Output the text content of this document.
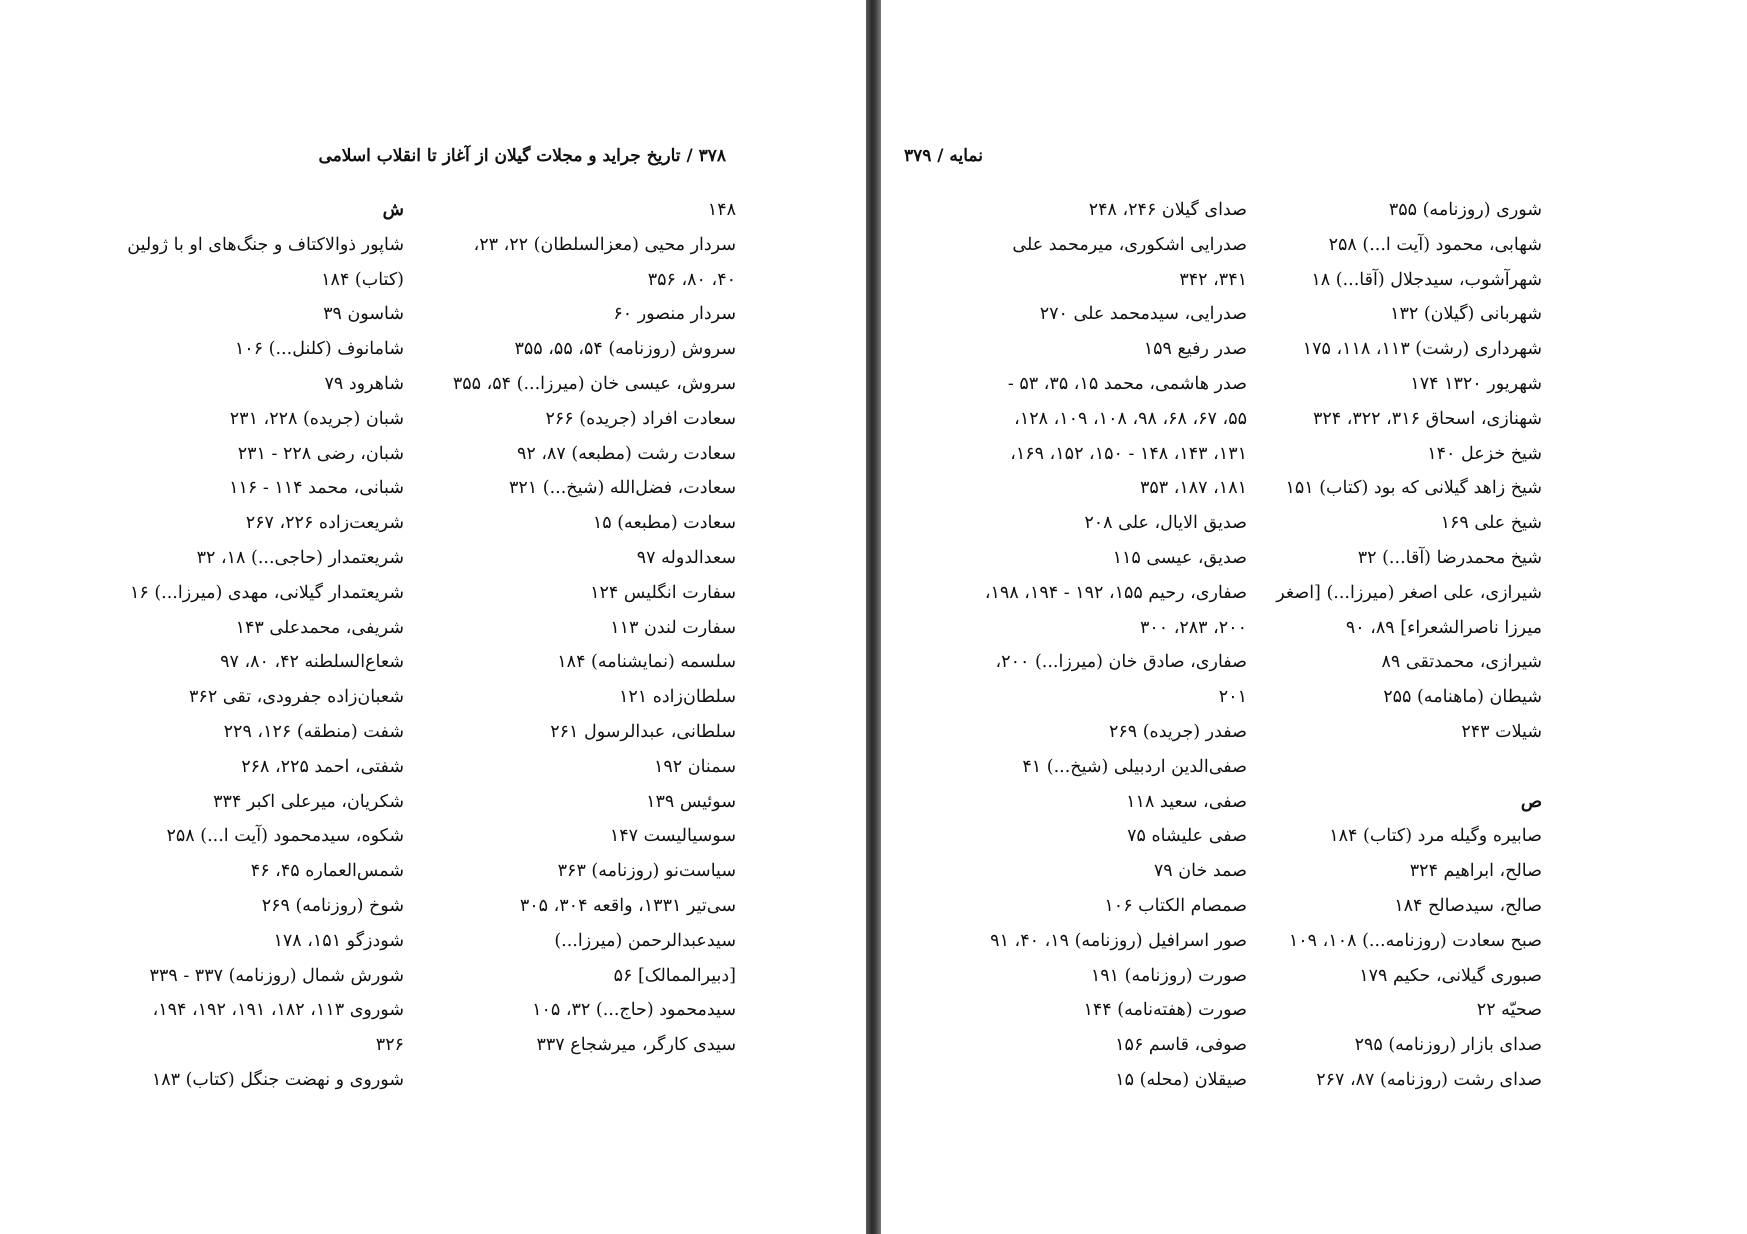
۳۷۸ / تاریخ جراید و مجلات گیلان از آغاز تا انقلاب اسلامی
۱۴۸
سردار محیی (معزالسلطان) ۲۲، ۲۳،
۴۰، ۸۰، ۳۵۶
سردار منصور ۶۰
سروش (روزنامه) ۵۴، ۵۵، ۳۵۵
سروش، عیسی خان (میرزا...) ۵۴، ۳۵۵
سعادت افراد (جریده) ۲۶۶
سعادت رشت (مطبعه) ۸۷، ۹۲
سعادت، فضل‌الله (شیخ...) ۳۲۱
سعادت (مطبعه) ۱۵
سعدالدوله ۹۷
سفارت انگلیس ۱۲۴
سفارت لندن ۱۱۳
سلسمه (نمایشنامه) ۱۸۴
سلطان‌زاده ۱۲۱
سلطانی، عبدالرسول ۲۶۱
سمنان ۱۹۲
سوئیس ۱۳۹
سوسیالیست ۱۴۷
سیاست‌نو (روزنامه) ۳۶۳
سی‌تیر ۱۳۳۱، واقعه ۳۰۴، ۳۰۵
سیدعبدالرحمن (میرزا...)
[دبیرالممالک] ۵۶
سیدمحمود (حاج...) ۳۲، ۱۰۵
سیدی کارگر، میرشجاع ۳۳۷
ش
شاپور ذوالاکتاف و جنگ‌های او با ژولین
(کتاب) ۱۸۴
شاسون ۳۹
شامانوف (کلنل...) ۱۰۶
شاهرود ۷۹
شبان (جریده) ۲۲۸، ۲۳۱
شبان، رضی ۲۲۸ - ۲۳۱
شبانی، محمد ۱۱۴ - ۱۱۶
شریعت‌زاده ۲۲۶، ۲۶۷
شریعتمدار (حاجی...) ۱۸، ۳۲
شریعتمدار گیلانی، مهدی (میرزا...) ۱۶
شریفی، محمدعلی ۱۴۳
شعاع‌السلطنه ۴۲، ۸۰، ۹۷
شعبان‌زاده جفرودی، تقی ۳۶۲
شفت (منطقه) ۱۲۶، ۲۲۹
شفتی، احمد ۲۲۵، ۲۶۸
شکریان، میرعلی اکبر ۳۳۴
شکوه، سیدمحمود (آیت ا...) ۲۵۸
شمس‌العماره ۴۵، ۴۶
شوخ (روزنامه) ۲۶۹
شودزگو ۱۵۱، ۱۷۸
شورش شمال (روزنامه) ۳۳۷ - ۳۳۹
شوروی ۱۱۳، ۱۸۲، ۱۹۱، ۱۹۲، ۱۹۴،
۳۲۶
شوروی و نهضت جنگل (کتاب) ۱۸۳
نمایه / ۳۷۹
شوری (روزنامه) ۳۵۵
شهابی، محمود (آیت ا...) ۲۵۸
شهرآشوب، سیدجلال (آقا...) ۱۸
شهربانی (گیلان) ۱۳۲
شهرداری (رشت) ۱۱۳، ۱۱۸، ۱۷۵
شهریور ۱۳۲۰ ۱۷۴
شهنازی، اسحاق ۳۱۶، ۳۲۲، ۳۲۴
شیخ خزعل ۱۴۰
شیخ زاهد گیلانی که بود (کتاب) ۱۵۱
شیخ علی ۱۶۹
شیخ محمدرضا (آقا...) ۳۲
شیرازی، علی اصغر (میرزا...) [اصغر
میرزا ناصرالشعراء] ۸۹، ۹۰
شیرازی، محمدتقی ۸۹
شیطان (ماهنامه) ۲۵۵
شیلات ۲۴۳
ص
صابیره وگیله مرد (کتاب) ۱۸۴
صالح، ابراهیم ۳۲۴
صالح، سیدصالح ۱۸۴
صبح سعادت (روزنامه...) ۱۰۸، ۱۰۹
صبوری گیلانی، حکیم ۱۷۹
صحیّه ۲۲
صدای بازار (روزنامه) ۲۹۵
صدای رشت (روزنامه) ۸۷، ۲۶۷
صدای گیلان ۲۴۶، ۲۴۸
صدرایی اشکوری، میرمحمد علی
۳۴۱، ۳۴۲
صدرایی، سیدمحمد علی ۲۷۰
صدر رفیع ۱۵۹
صدر هاشمی، محمد ۱۵، ۳۵، ۵۳ -
۵۵، ۶۷، ۶۸، ۹۸، ۱۰۸، ۱۰۹، ۱۲۸،
۱۳۱، ۱۴۳، ۱۴۸ - ۱۵۰، ۱۵۲، ۱۶۹،
۱۸۱، ۱۸۷، ۳۵۳
صدیق الایال، علی ۲۰۸
صدیق، عیسی ۱۱۵
صفاری، رحیم ۱۵۵، ۱۹۲ - ۱۹۴، ۱۹۸،
۲۰۰، ۲۸۳، ۳۰۰
صفاری، صادق خان (میرزا...) ۲۰۰،
۲۰۱
صفدر (جریده) ۲۶۹
صفی‌الدین اردبیلی (شیخ...) ۴۱
صفی، سعید ۱۱۸
صفی علیشاه ۷۵
صمد خان ۷۹
صمصام الکتاب ۱۰۶
صور اسرافیل (روزنامه) ۱۹، ۴۰، ۹۱
صورت (روزنامه) ۱۹۱
صورت (هفته‌نامه) ۱۴۴
صوفی، قاسم ۱۵۶
صیقلان (محله) ۱۵
